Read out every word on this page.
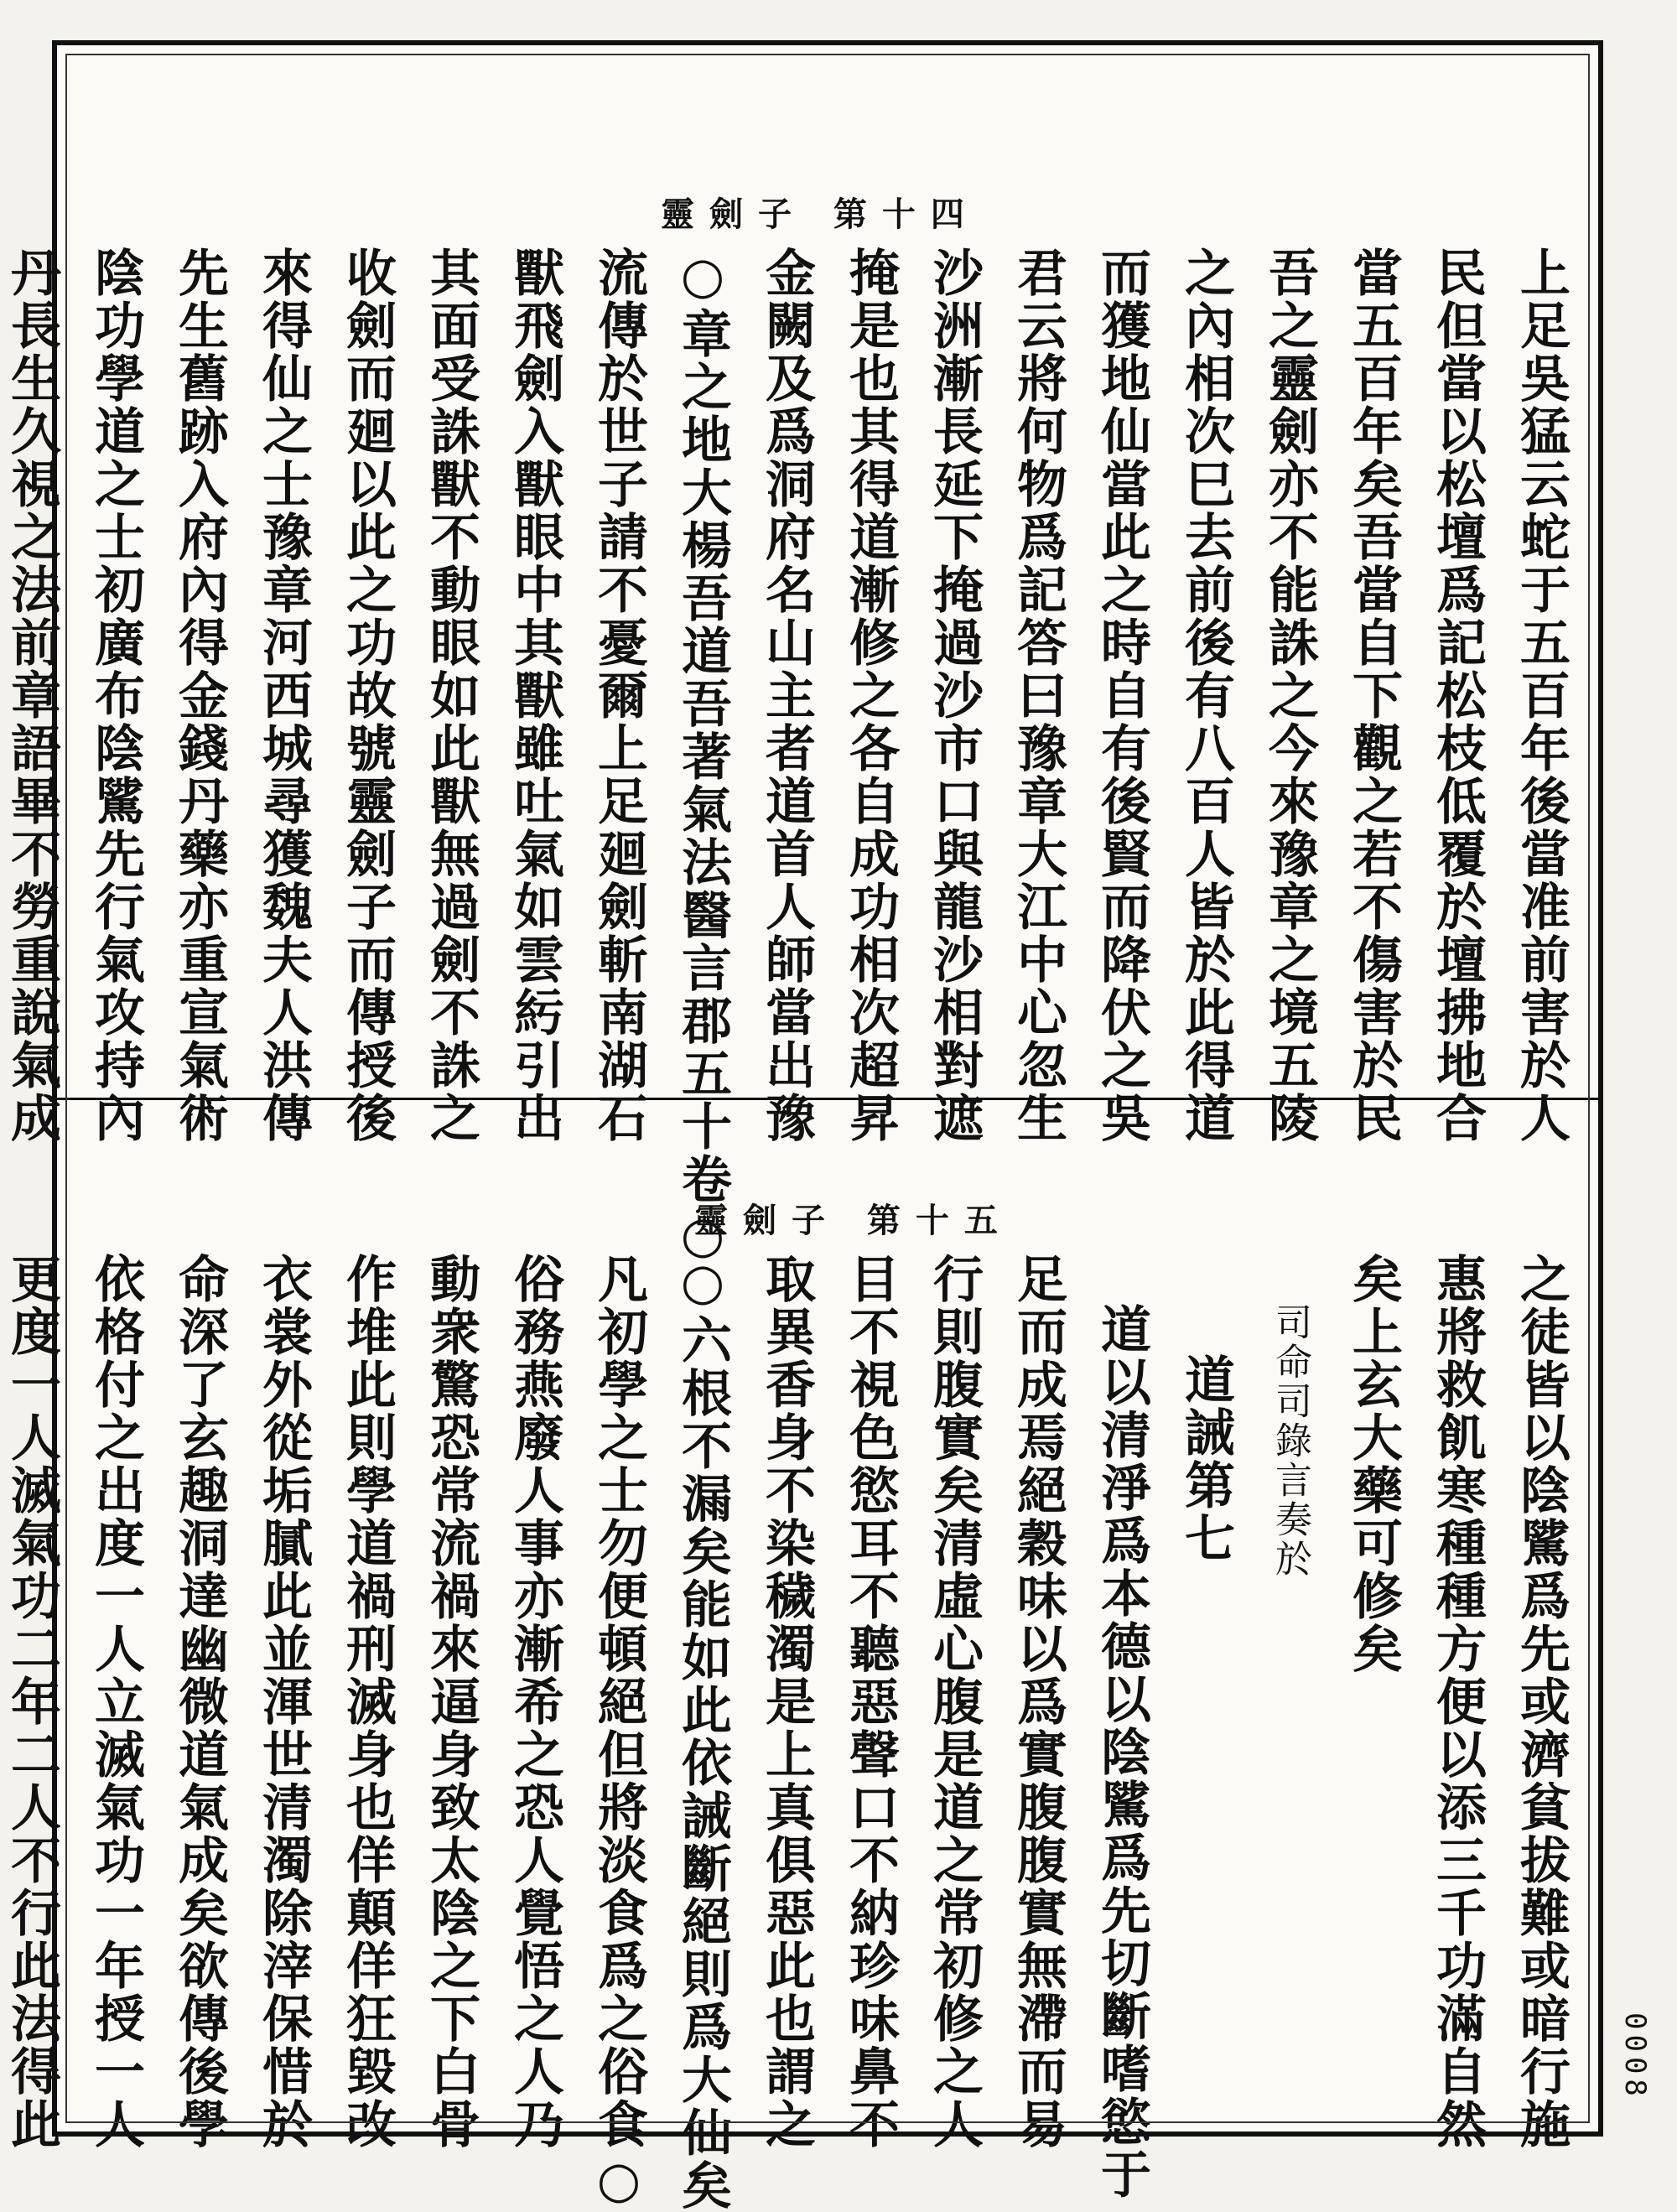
靈劍子 第十四
上足吳猛云蛇于五百年後當准前害於人
民但當以松壇爲記松枝低覆於壇拂地合
當五百年矣吾當自下觀之若不傷害於民
吾之靈劍亦不能誅之今來豫章之境五陵
之內相次巳去前後有八百人皆於此得道
而獲地仙當此之時自有後賢而降伏之吳
君云將何物爲記答曰豫章大江中心忽生
沙洲漸長延下掩過沙市口與龍沙相對遮
掩是也其得道漸修之各自成功相次超昇
金闕及爲洞府名山主者道首人師當出豫
○章之地大楊吾道吾著氣法醫言郡五十卷○
流傳於世子請不憂爾上足廻劍斬南湖石
獸飛劍入獸眼中其獸雖吐氣如雲䊸引出
其面受誅獸不動眼如此獸無過劍不誅之
收劍而廻以此之功故號靈劍子而傳授後
來得仙之士豫章河西城尋獲魏夫人洪傳
先生舊跡入府內得金錢丹藥亦重宣氣術
陰功學道之士初廣布陰騭先行氣攻持內
丹長生久視之法前章語畢不勞重說氣成
靈劍子 第十五
之徒皆以陰騭爲先或濟貧拔難或暗行施
惠將救飢寒種種方便以添三千功滿自然
矣上玄大藥可修矣
司命司錄言奏於
道誡第七
道以清淨爲本德以陰騭爲先切斷嗜慾于
足而成焉絕穀味以爲實腹腹實無滯而易
行則腹實矣清虛心腹是道之常初修之人
目不視色慾耳不聽惡聲口不納珍味鼻不
取異香身不染穢濁是上真俱惡此也謂之
○六根不漏矣能如此依誡斷絕則爲大仙矣
凡初學之士勿便頓絕但將淡食爲之俗食○
俗務燕廢人事亦漸希之恐人覺悟之人乃
動衆驚恐常流禍來逼身致太陰之下白骨
作堆此則學道禍刑滅身也佯顛佯狂毀改
衣裳外從垢膩此並渾世清濁除滓保惜於
命深了玄趣洞達幽微道氣成矣欲傳後學
依格付之出度一人立滅氣功一年授一人
更度一人滅氣功二年二人不行此法得此	0008
